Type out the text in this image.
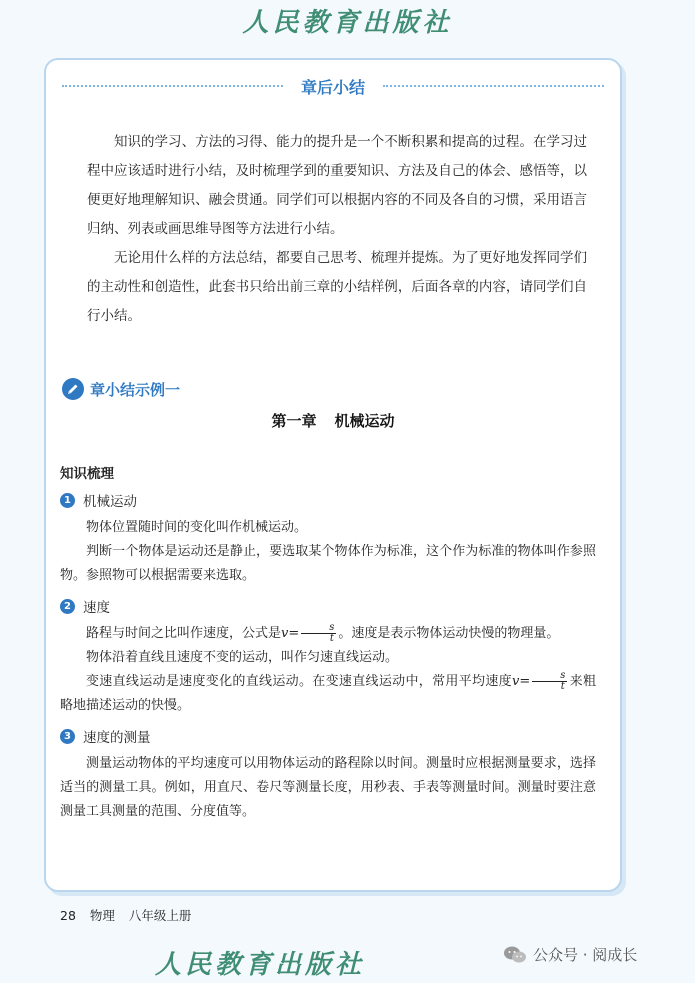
人民教育出版社
章后小结

知识的学习、方法的习得、能力的提升是一个不断积累和提高的过程。在学习过程中应该适时进行小结，及时梳理学到的重要知识、方法及自己的体会、感悟等，以便更好地理解知识、融会贯通。同学们可以根据内容的不同及各自的习惯，采用语言归纳、列表或画思维导图等方法进行小结。

无论用什么样的方法总结，都要自己思考、梳理并提炼。为了更好地发挥同学们的主动性和创造性，此套书只给出前三章的小结样例，后面各章的内容，请同学们自行小结。

章小结示例一
第一章 机械运动
知识梳理
1 机械运动

物体位置随时间的变化叫作机械运动。

判断一个物体是运动还是静止，要选取某个物体作为标准，这个作为标准的物体叫作参照物。参照物可以根据需要来选取。

2 速度

路程与时间之比叫作速度，公式是$v= \frac{s}{t}$ 。速度是表示物体运动快慢的物理量。

物体沿着直线且速度不变的运动，叫作匀速直线运动。

变速直线运动是速度变化的直线运动。在变速直线运动中，常用平均速度$v= \frac{s}{t}$ 来粗略地描述运动的快慢。

3 速度的测量

测量运动物体的平均速度可以用物体运动的路程除以时间。测量时应根据测量要求，选择适当的测量工具。例如，用直尺、卷尺等测量长度，用秒表、手表等测量时间。测量时要注意测量工具测量的范围、分度值等。

28 物理 八年级上册
人民教育出版社	公众号 · 阅成长
